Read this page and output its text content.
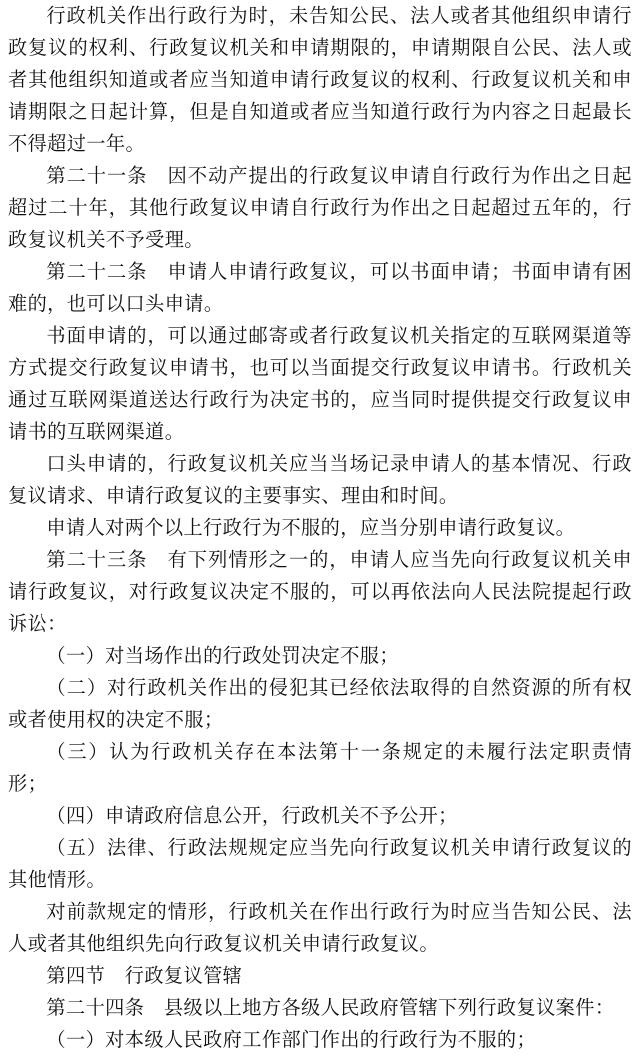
行政机关作出行政行为时，未告知公民、法人或者其他组织申请行政复议的权利、行政复议机关和申请期限的，申请期限自公民、法人或者其他组织知道或者应当知道申请行政复议的权利、行政复议机关和申请期限之日起计算，但是自知道或者应当知道行政行为内容之日起最长不得超过一年。

第二十一条　因不动产提出的行政复议申请自行政行为作出之日起超过二十年，其他行政复议申请自行政行为作出之日起超过五年的，行政复议机关不予受理。

第二十二条　申请人申请行政复议，可以书面申请；书面申请有困难的，也可以口头申请。

书面申请的，可以通过邮寄或者行政复议机关指定的互联网渠道等方式提交行政复议申请书，也可以当面提交行政复议申请书。行政机关通过互联网渠道送达行政行为决定书的，应当同时提供提交行政复议申请书的互联网渠道。

口头申请的，行政复议机关应当当场记录申请人的基本情况、行政复议请求、申请行政复议的主要事实、理由和时间。

申请人对两个以上行政行为不服的，应当分别申请行政复议。

第二十三条　有下列情形之一的，申请人应当先向行政复议机关申请行政复议，对行政复议决定不服的，可以再依法向人民法院提起行政诉讼：

（一）对当场作出的行政处罚决定不服；

（二）对行政机关作出的侵犯其已经依法取得的自然资源的所有权或者使用权的决定不服；

（三）认为行政机关存在本法第十一条规定的未履行法定职责情形；

（四）申请政府信息公开，行政机关不予公开；

（五）法律、行政法规规定应当先向行政复议机关申请行政复议的其他情形。

对前款规定的情形，行政机关在作出行政行为时应当告知公民、法人或者其他组织先向行政复议机关申请行政复议。

第四节　行政复议管辖

第二十四条　县级以上地方各级人民政府管辖下列行政复议案件：

（一）对本级人民政府工作部门作出的行政行为不服的；
